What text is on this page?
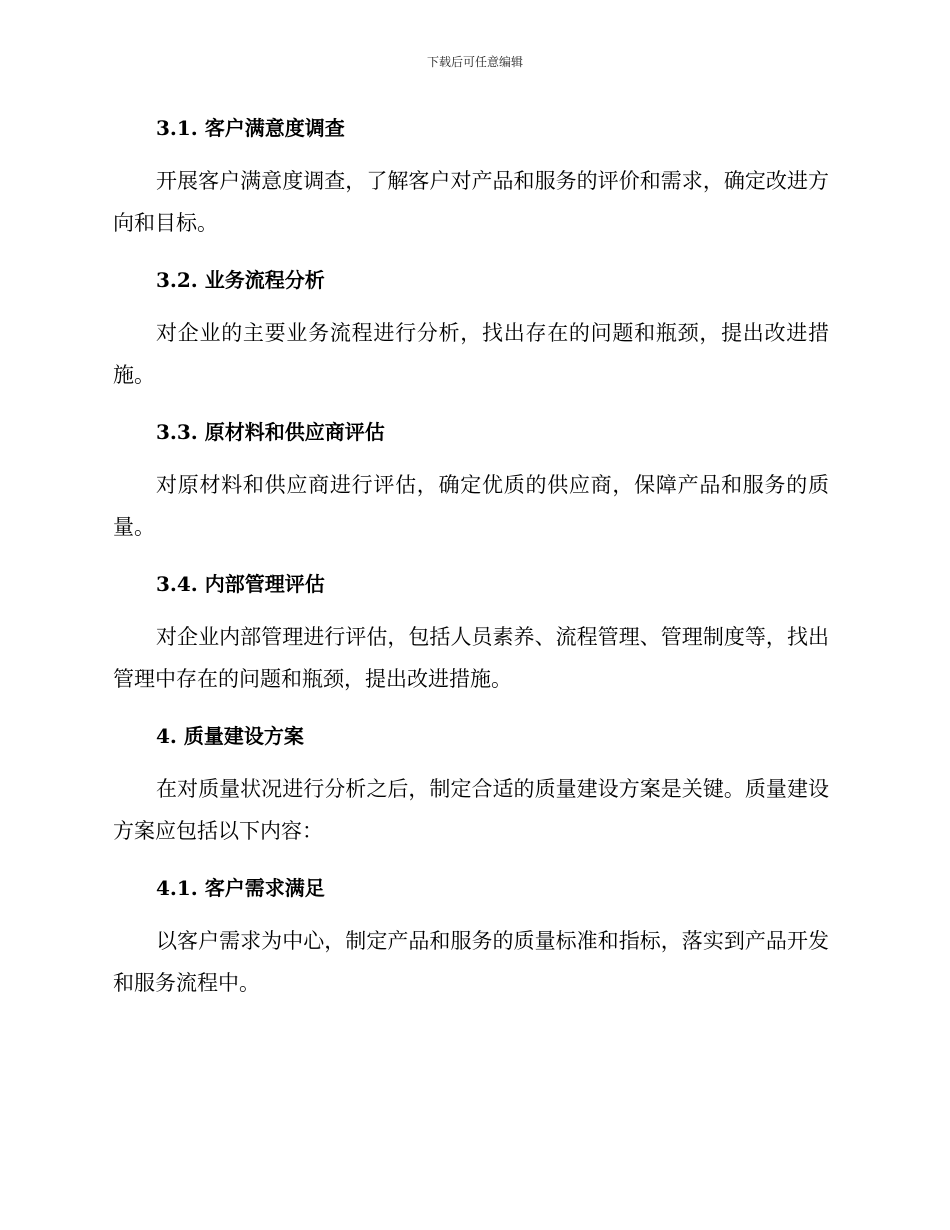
下载后可任意编辑
3.1. 客户满意度调查

开展客户满意度调查，了解客户对产品和服务的评价和需求，确定改进方向和目标。

3.2. 业务流程分析

对企业的主要业务流程进行分析，找出存在的问题和瓶颈，提出改进措施。

3.3. 原材料和供应商评估

对原材料和供应商进行评估，确定优质的供应商，保障产品和服务的质量。

3.4. 内部管理评估

对企业内部管理进行评估，包括人员素养、流程管理、管理制度等，找出管理中存在的问题和瓶颈，提出改进措施。

4. 质量建设方案

在对质量状况进行分析之后，制定合适的质量建设方案是关键。质量建设方案应包括以下内容：

4.1. 客户需求满足

以客户需求为中心，制定产品和服务的质量标准和指标，落实到产品开发和服务流程中。
